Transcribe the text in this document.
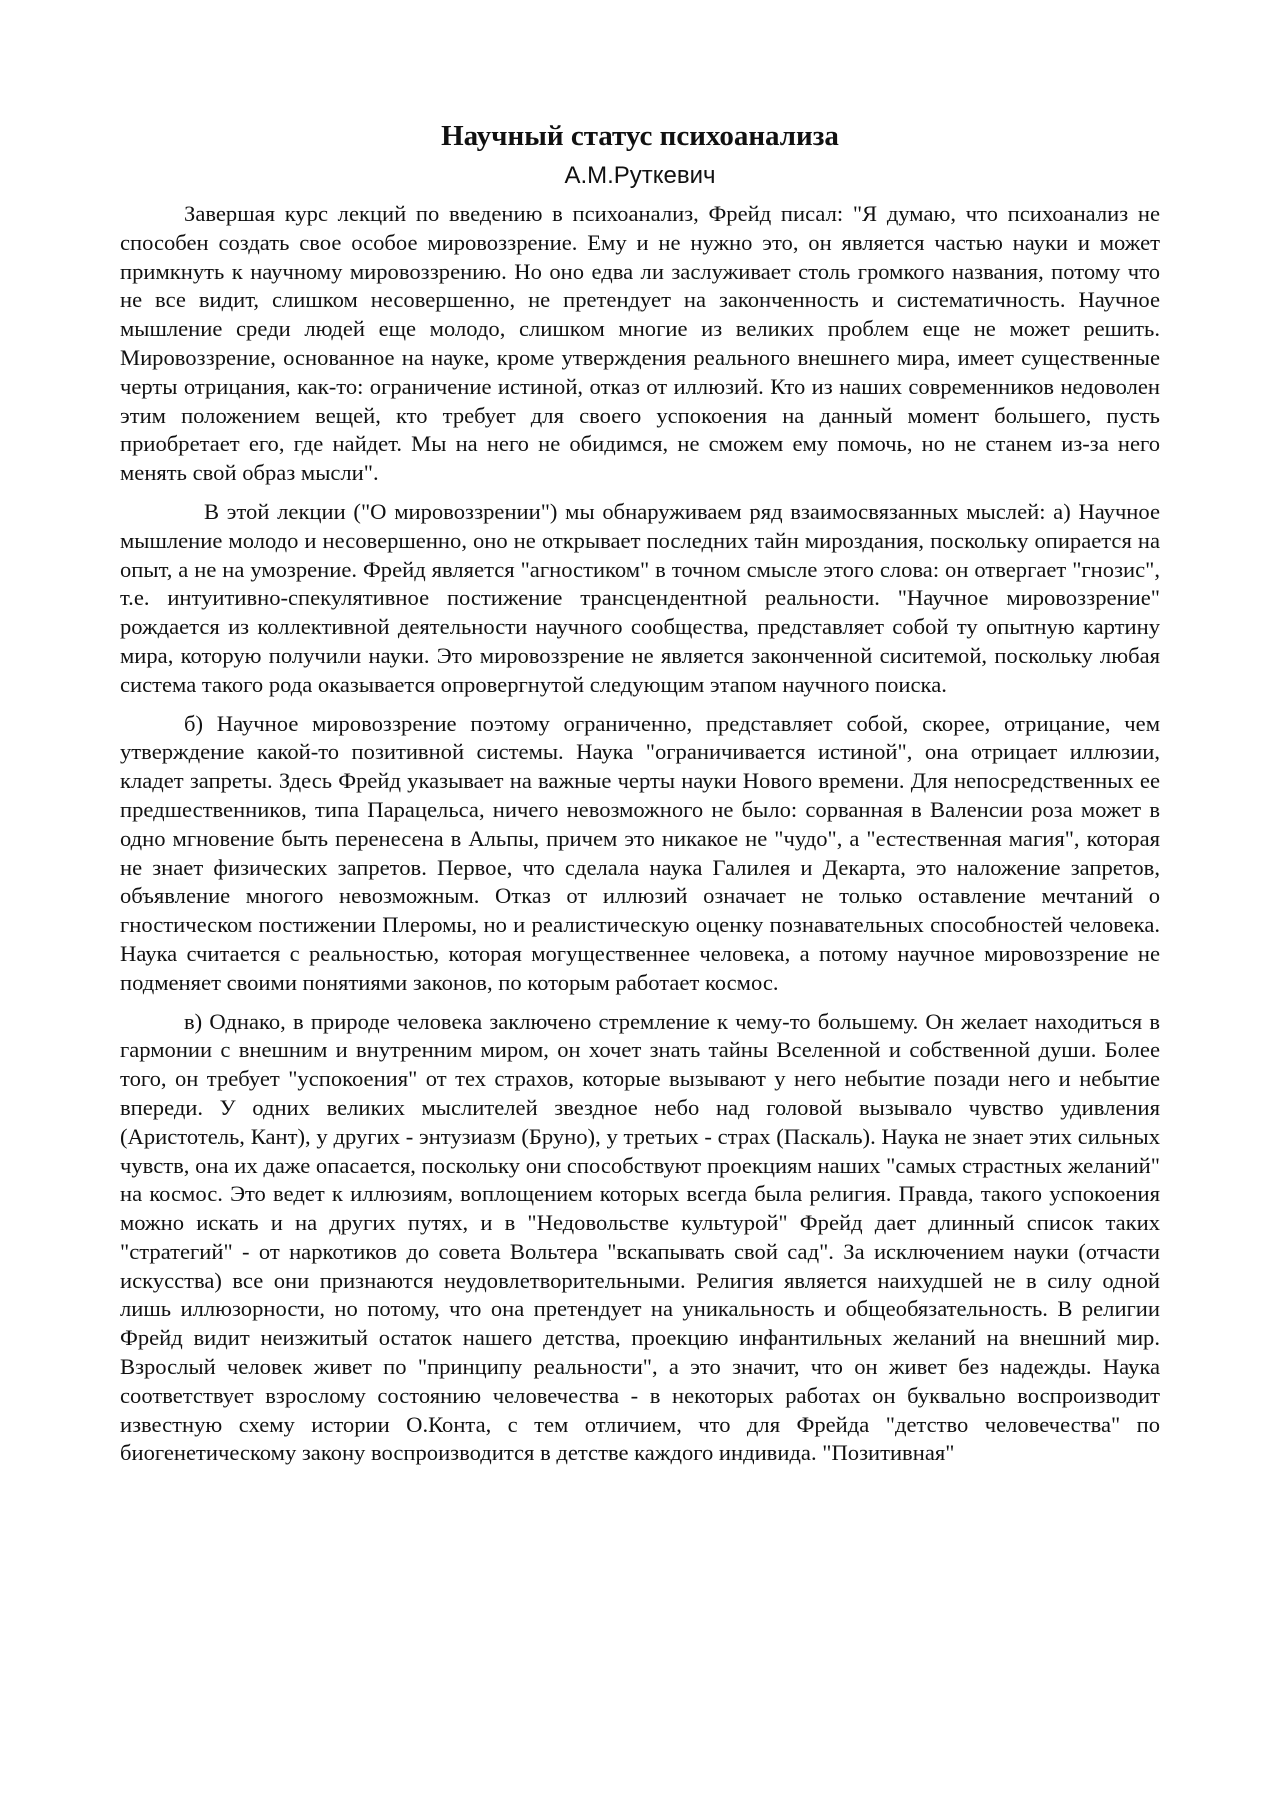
Научный статус психоанализа
А.М.Руткевич

Завершая курс лекций по введению в психоанализ, Фрейд писал: "Я думаю, что психоанализ не способен создать свое особое мировоззрение. Ему и не нужно это, он является частью науки и может примкнуть к научному мировоззрению. Но оно едва ли заслуживает столь громкого названия, потому что не все видит, слишком несовершенно, не претендует на законченность и систематичность. Научное мышление среди людей еще молодо, слишком многие из великих проблем еще не может решить. Мировоззрение, основанное на науке, кроме утверждения реального внешнего мира, имеет существенные черты отрицания, как-то: ограничение истиной, отказ от иллюзий. Кто из наших современников недоволен этим положением вещей, кто требует для своего успокоения на данный момент большего, пусть приобретает его, где найдет. Мы на него не обидимся, не сможем ему помочь, но не станем из-за него менять свой образ мысли".

В этой лекции ("О мировоззрении") мы обнаруживаем ряд взаимосвязанных мыслей: а) Научное мышление молодо и несовершенно, оно не открывает последних тайн мироздания, поскольку опирается на опыт, а не на умозрение. Фрейд является "агностиком" в точном смысле этого слова: он отвергает "гнозис", т.е. интуитивно-спекулятивное постижение трансцендентной реальности. "Научное мировоззрение" рождается из коллективной деятельности научного сообщества, представляет собой ту опытную картину мира, которую получили науки. Это мировоззрение не является законченной сиситемой, поскольку любая система такого рода оказывается опровергнутой следующим этапом научного поиска.

б) Научное мировоззрение поэтому ограниченно, представляет собой, скорее, отрицание, чем утверждение какой-то позитивной системы. Наука "ограничивается истиной", она отрицает иллюзии, кладет запреты. Здесь Фрейд указывает на важные черты науки Нового времени. Для непосредственных ее предшественников, типа Парацельса, ничего невозможного не было: сорванная в Валенсии роза может в одно мгновение быть перенесена в Альпы, причем это никакое не "чудо", а "естественная магия", которая не знает физических запретов. Первое, что сделала наука Галилея и Декарта, это наложение запретов, объявление многого невозможным. Отказ от иллюзий означает не только оставление мечтаний о гностическом постижении Плеромы, но и реалистическую оценку познавательных способностей человека. Наука считается с реальностью, которая могущественнее человека, а потому научное мировоззрение не подменяет своими понятиями законов, по которым работает космос.

в) Однако, в природе человека заключено стремление к чему-то большему. Он желает находиться в гармонии с внешним и внутренним миром, он хочет знать тайны Вселенной и собственной души. Более того, он требует "успокоения" от тех страхов, которые вызывают у него небытие позади него и небытие впереди. У одних великих мыслителей звездное небо над головой вызывало чувство удивления (Аристотель, Кант), у других - энтузиазм (Бруно), у третьих - страх (Паскаль). Наука не знает этих сильных чувств, она их даже опасается, поскольку они способствуют проекциям наших "самых страстных желаний" на космос. Это ведет к иллюзиям, воплощением которых всегда была религия. Правда, такого успокоения можно искать и на других путях, и в "Недовольстве культурой" Фрейд дает длинный список таких "стратегий" - от наркотиков до совета Вольтера "вскапывать свой сад". За исключением науки (отчасти искусства) все они признаются неудовлетворительными. Религия является наихудшей не в силу одной лишь иллюзорности, но потому, что она претендует на уникальность и общеобязательность. В религии Фрейд видит неизжитый остаток нашего детства, проекцию инфантильных желаний на внешний мир. Взрослый человек живет по "принципу реальности", а это значит, что он живет без надежды. Наука соответствует взрослому состоянию человечества - в некоторых работах он буквально воспроизводит известную схему истории О.Конта, с тем отличием, что для Фрейда "детство человечества" по биогенетическому закону воспроизводится в детстве каждого индивида. "Позитивная"
